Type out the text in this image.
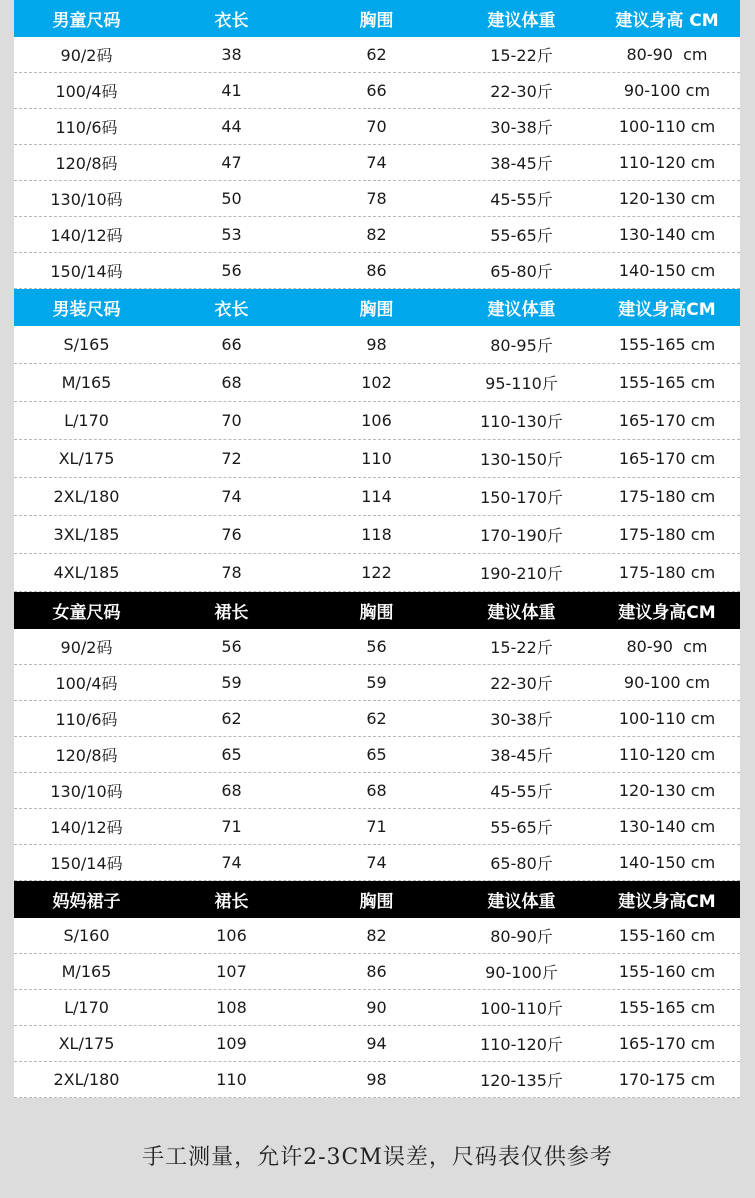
男童尺码	衣长	胸围	建议体重	建议身高 CM
90/2码	38	62	15-22斤	80-90  cm
100/4码	41	66	22-30斤	90-100 cm
110/6码	44	70	30-38斤	100-110 cm
120/8码	47	74	38-45斤	110-120 cm
130/10码	50	78	45-55斤	120-130 cm
140/12码	53	82	55-65斤	130-140 cm
150/14码	56	86	65-80斤	140-150 cm
男装尺码	衣长	胸围	建议体重	建议身高CM
S/165	66	98	80-95斤	155-165 cm
M/165	68	102	95-110斤	155-165 cm
L/170	70	106	110-130斤	165-170 cm
XL/175	72	110	130-150斤	165-170 cm
2XL/180	74	114	150-170斤	175-180 cm
3XL/185	76	118	170-190斤	175-180 cm
4XL/185	78	122	190-210斤	175-180 cm
女童尺码	裙长	胸围	建议体重	建议身高CM
90/2码	56	56	15-22斤	80-90  cm
100/4码	59	59	22-30斤	90-100 cm
110/6码	62	62	30-38斤	100-110 cm
120/8码	65	65	38-45斤	110-120 cm
130/10码	68	68	45-55斤	120-130 cm
140/12码	71	71	55-65斤	130-140 cm
150/14码	74	74	65-80斤	140-150 cm
妈妈裙子	裙长	胸围	建议体重	建议身高CM
S/160	106	82	80-90斤	155-160 cm
M/165	107	86	90-100斤	155-160 cm
L/170	108	90	100-110斤	155-165 cm
XL/175	109	94	110-120斤	165-170 cm
2XL/180	110	98	120-135斤	170-175 cm
手工测量，允许2-3CM误差，尺码表仅供参考
